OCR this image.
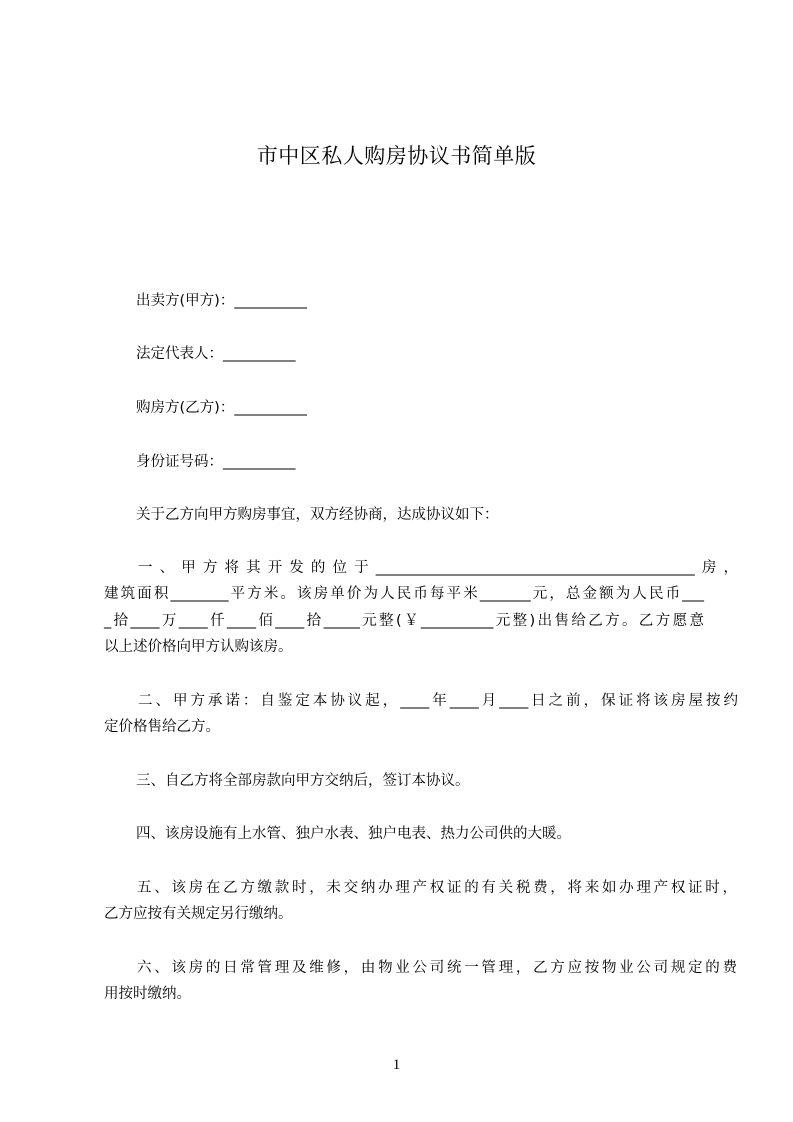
市中区私人购房协议书简单版
出卖方(甲方)：__________
法定代表人：__________
购房方(乙方)：__________
身份证号码：__________
关于乙方向甲方购房事宜，双方经协商，达成协议如下：
一、甲方将其开发的位于____________________________________________房，
建筑面积________平方米。该房单价为人民币每平米_______元，总金额为人民币___
_拾____万____仟____佰____拾_____元整(￥__________元整)出售给乙方。乙方愿意
以上述价格向甲方认购该房。
二、甲方承诺：自鉴定本协议起，____年____月____日之前，保证将该房屋按约
定价格售给乙方。
三、自乙方将全部房款向甲方交纳后，签订本协议。
四、该房设施有上水管、独户水表、独户电表、热力公司供的大暖。
五、该房在乙方缴款时，未交纳办理产权证的有关税费，将来如办理产权证时，
乙方应按有关规定另行缴纳。
六、该房的日常管理及维修，由物业公司统一管理，乙方应按物业公司规定的费
用按时缴纳。
1
